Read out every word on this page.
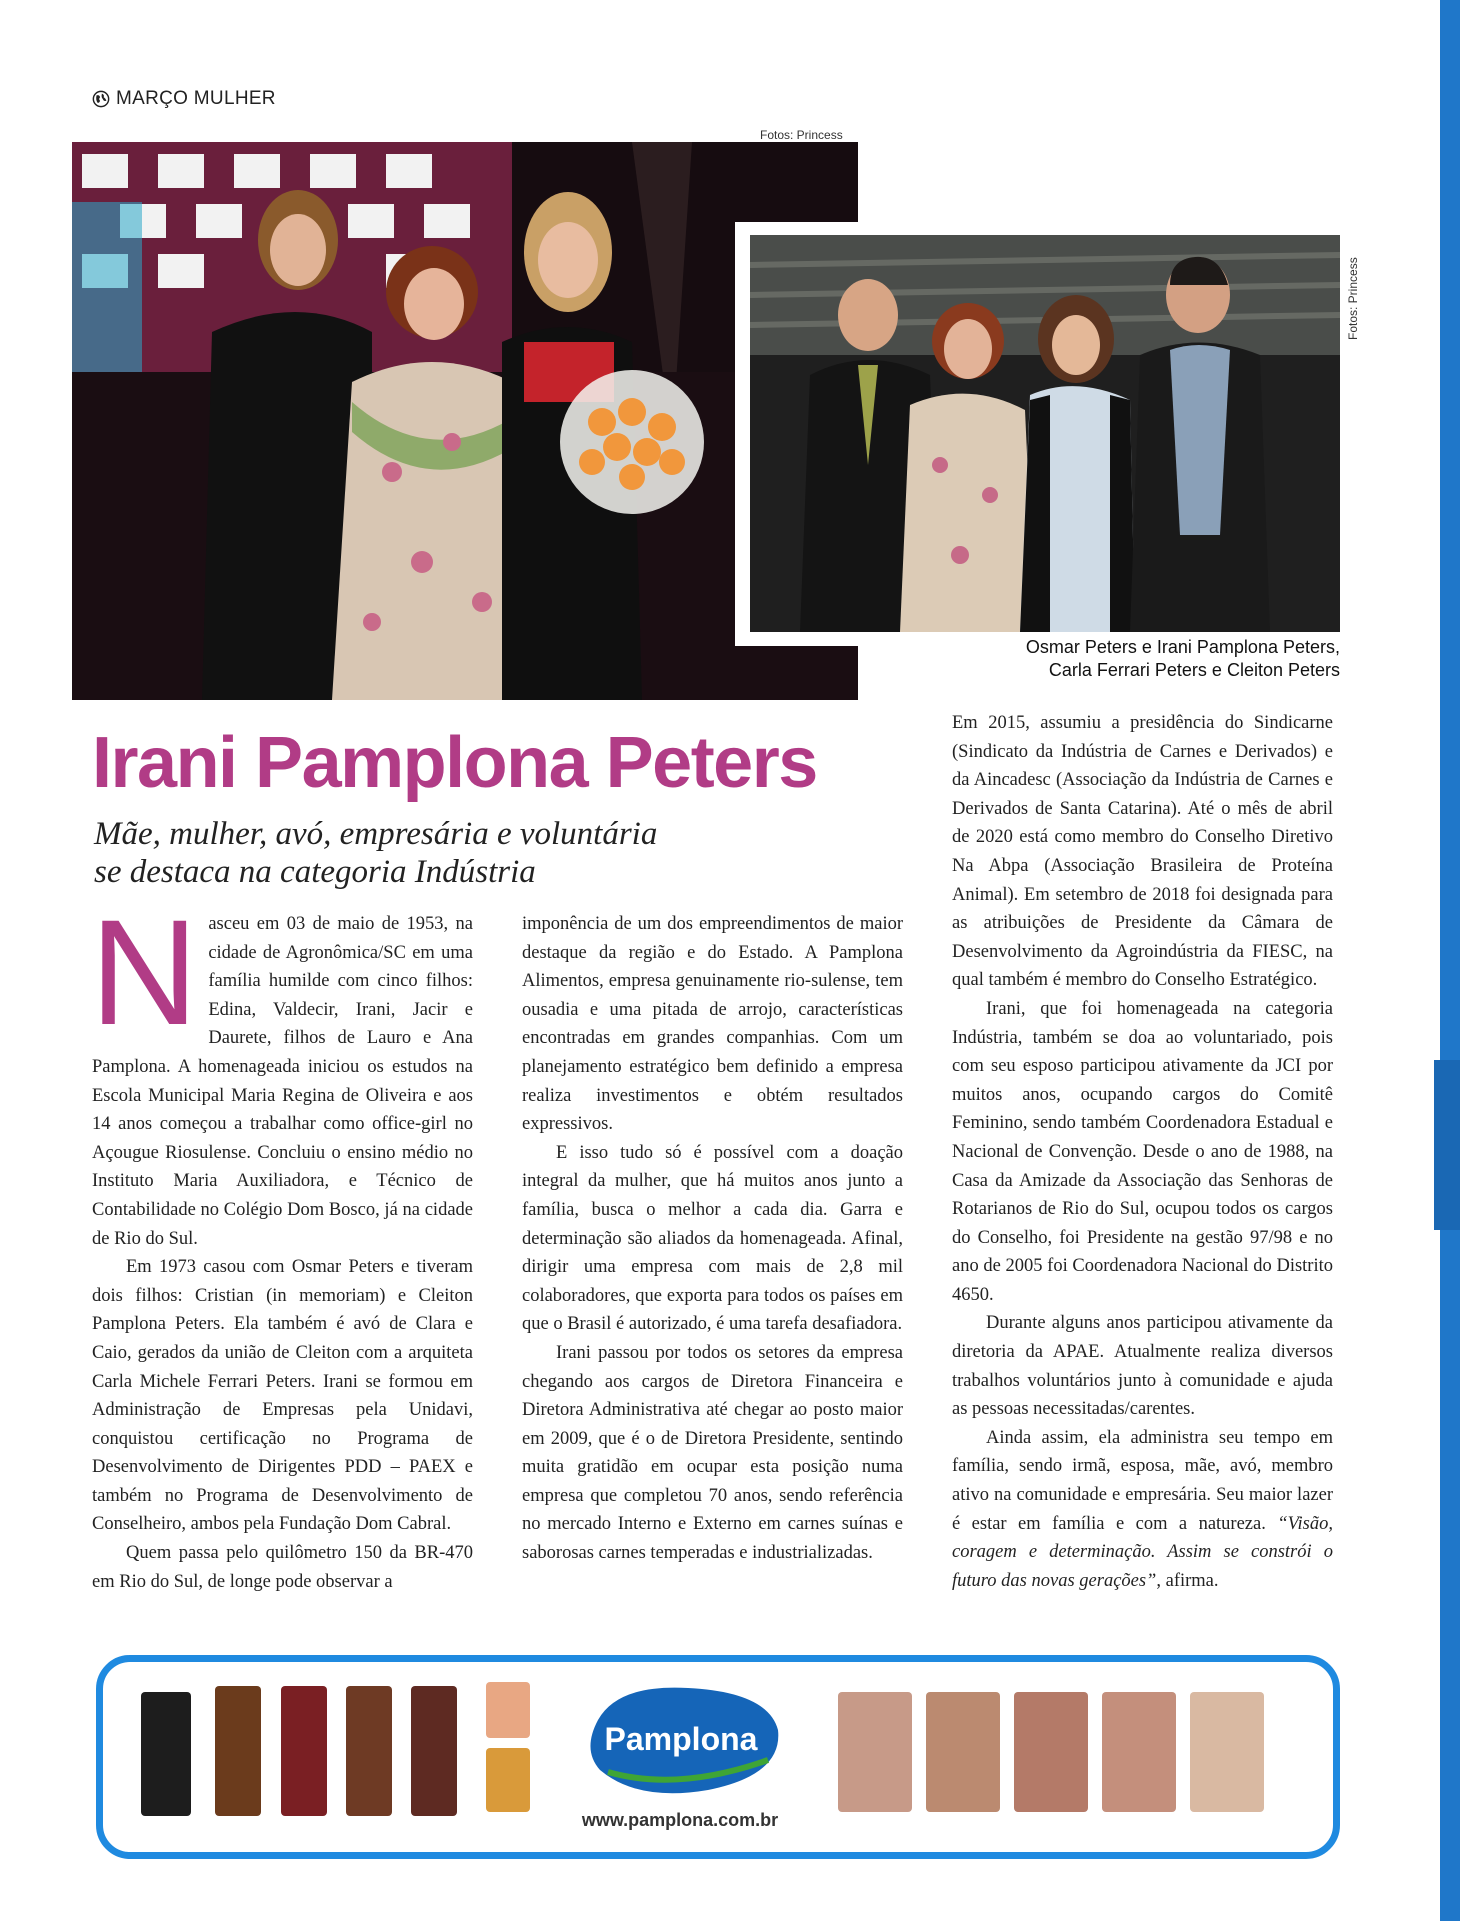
MARÇO MULHER
Fotos: Princess
Fotos: Princess
Osmar Peters e Irani Pamplona Peters,
Carla Ferrari Peters e Cleiton Peters
Irani Pamplona Peters
Mãe, mulher, avó, empresária e voluntária
se destaca na categoria Indústria

Nasceu em 03 de maio de 1953, na cidade de Agronômica/SC em uma família humilde com cinco filhos: Edina, Valdecir, Irani, Jacir e Daurete, filhos de Lauro e Ana Pamplona. A homenageada iniciou os estudos na Escola Municipal Maria Regina de Oliveira e aos 14 anos começou a trabalhar como office-girl no Açougue Riosulense. Concluiu o ensino médio no Instituto Maria Auxiliadora, e Técnico de Contabilidade no Colégio Dom Bosco, já na cidade de Rio do Sul.

Em 1973 casou com Osmar Peters e tiveram dois filhos: Cristian (in memoriam) e Cleiton Pamplona Peters. Ela também é avó de Clara e Caio, gerados da união de Cleiton com a arquiteta Carla Michele Ferrari Peters. Irani se formou em Administração de Empresas pela Unidavi, conquistou certificação no Programa de Desenvolvimento de Dirigentes PDD – PAEX e também no Programa de Desenvolvimento de Conselheiro, ambos pela Fundação Dom Cabral.

Quem passa pelo quilômetro 150 da BR-470 em Rio do Sul, de longe pode observar a

imponência de um dos empreendimentos de maior destaque da região e do Estado. A Pamplona Alimentos, empresa genuinamente rio-sulense, tem ousadia e uma pitada de arrojo, características encontradas em grandes companhias. Com um planejamento estratégico bem definido a empresa realiza investimentos e obtém resultados expressivos.

E isso tudo só é possível com a doação integral da mulher, que há muitos anos junto a família, busca o melhor a cada dia. Garra e determinação são aliados da homenageada. Afinal, dirigir uma empresa com mais de 2,8 mil colaboradores, que exporta para todos os países em que o Brasil é autorizado, é uma tarefa desafiadora.

Irani passou por todos os setores da empresa chegando aos cargos de Diretora Financeira e Diretora Administrativa até chegar ao posto maior em 2009, que é o de Diretora Presidente, sentindo muita gratidão em ocupar esta posição numa empresa que completou 70 anos, sendo referência no mercado Interno e Externo em carnes suínas e saborosas carnes temperadas e industrializadas.

Em 2015, assumiu a presidência do Sindicarne (Sindicato da Indústria de Carnes e Derivados) e da Aincadesc (Associação da Indústria de Carnes e Derivados de Santa Catarina). Até o mês de abril de 2020 está como membro do Conselho Diretivo Na Abpa (Associação Brasileira de Proteína Animal). Em setembro de 2018 foi designada para as atribuições de Presidente da Câmara de Desenvolvimento da Agroindústria da FIESC, na qual também é membro do Conselho Estratégico.

Irani, que foi homenageada na categoria Indústria, também se doa ao voluntariado, pois com seu esposo participou ativamente da JCI por muitos anos, ocupando cargos do Comitê Feminino, sendo também Coordenadora Estadual e Nacional de Convenção. Desde o ano de 1988, na Casa da Amizade da Associação das Senhoras de Rotarianos de Rio do Sul, ocupou todos os cargos do Conselho, foi Presidente na gestão 97/98 e no ano de 2005 foi Coordenadora Nacional do Distrito 4650.

Durante alguns anos participou ativamente da diretoria da APAE. Atualmente realiza diversos trabalhos voluntários junto à comunidade e ajuda as pessoas necessitadas/carentes.

Ainda assim, ela administra seu tempo em família, sendo irmã, esposa, mãe, avó, membro ativo na comunidade e empresária. Seu maior lazer é estar em família e com a natureza. “Visão, coragem e determinação. Assim se constrói o futuro das novas gerações”, afirma.

Pamplona
www.pamplona.com.br
